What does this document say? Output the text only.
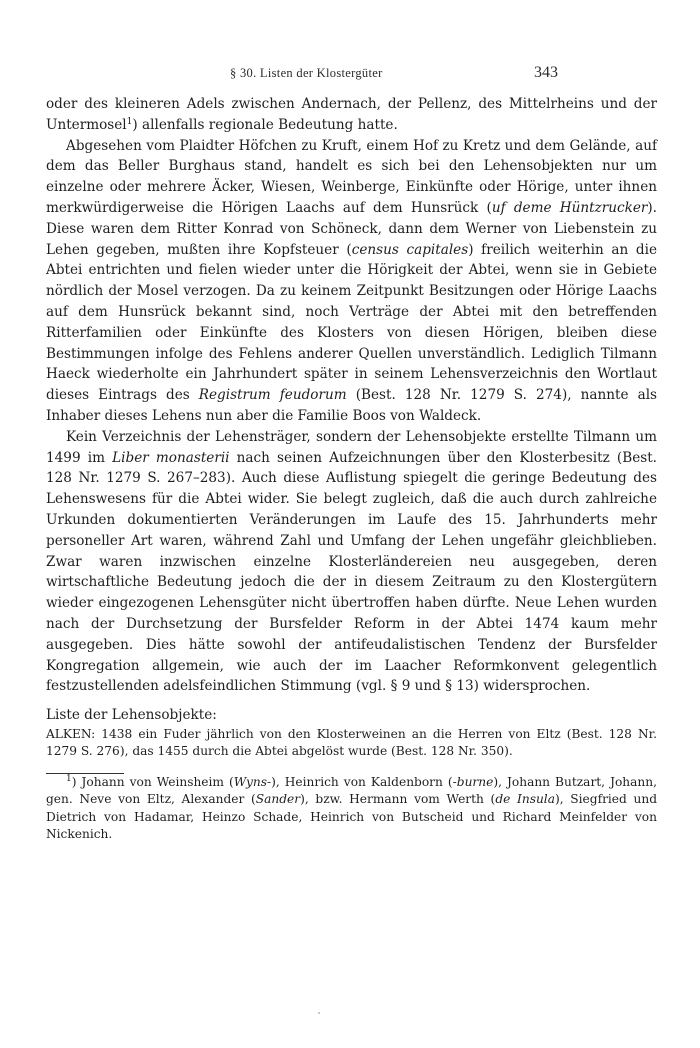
§ 30. Listen der Klostergüter	343

oder des kleineren Adels zwischen Andernach, der Pellenz, des Mittelrheins und der Untermosel$^1$) allenfalls regionale Bedeutung hatte.

Abgesehen vom Plaidter Höfchen zu Kruft, einem Hof zu Kretz und dem Gelände, auf dem das Beller Burghaus stand, handelt es sich bei den Lehensobjekten nur um einzelne oder mehrere Äcker, Wiesen, Weinberge, Einkünfte oder Hörige, unter ihnen merkwürdigerweise die Hörigen Laachs auf dem Hunsrück (uf deme Hüntzrucker). Diese waren dem Ritter Konrad von Schöneck, dann dem Werner von Liebenstein zu Lehen gegeben, mußten ihre Kopfsteuer (census capitales) freilich weiterhin an die Abtei entrichten und fielen wieder unter die Hörigkeit der Abtei, wenn sie in Gebiete nördlich der Mosel verzogen. Da zu keinem Zeitpunkt Besitzungen oder Hörige Laachs auf dem Hunsrück bekannt sind, noch Verträge der Abtei mit den betreffenden Ritterfamilien oder Einkünfte des Klosters von diesen Hörigen, bleiben diese Bestimmungen infolge des Fehlens anderer Quellen unverständlich. Lediglich Tilmann Haeck wiederholte ein Jahrhundert später in seinem Lehensverzeichnis den Wortlaut dieses Eintrags des Registrum feudorum (Best. 128 Nr. 1279 S. 274), nannte als Inhaber dieses Lehens nun aber die Familie Boos von Waldeck.

Kein Verzeichnis der Lehensträger, sondern der Lehensobjekte erstellte Tilmann um 1499 im Liber monasterii nach seinen Aufzeichnungen über den Klosterbesitz (Best. 128 Nr. 1279 S. 267–283). Auch diese Auflistung spiegelt die geringe Bedeutung des Lehenswesens für die Abtei wider. Sie belegt zugleich, daß die auch durch zahlreiche Urkunden dokumentierten Veränderungen im Laufe des 15. Jahrhunderts mehr personeller Art waren, während Zahl und Umfang der Lehen ungefähr gleichblieben. Zwar waren inzwischen einzelne Klosterländereien neu ausgegeben, deren wirtschaftliche Bedeutung jedoch die der in diesem Zeitraum zu den Klostergütern wieder eingezogenen Lehensgüter nicht übertroffen haben dürfte. Neue Lehen wurden nach der Durchsetzung der Bursfelder Reform in der Abtei 1474 kaum mehr ausgegeben. Dies hätte sowohl der antifeudalistischen Tendenz der Bursfelder Kongregation allgemein, wie auch der im Laacher Reformkonvent gelegentlich festzustellenden adelsfeindlichen Stimmung (vgl. § 9 und § 13) widersprochen.

Liste der Lehensobjekte:

ALKEN: 1438 ein Fuder jährlich von den Klosterweinen an die Herren von Eltz (Best. 128 Nr. 1279 S. 276), das 1455 durch die Abtei abgelöst wurde (Best. 128 Nr. 350).

$^1$) Johann von Weinsheim (Wyns-), Heinrich von Kaldenborn (-burne), Johann Butzart, Johann, gen. Neve von Eltz, Alexander (Sander), bzw. Hermann vom Werth (de Insula), Siegfried und Dietrich von Hadamar, Heinzo Schade, Heinrich von Butscheid und Richard Meinfelder von Nickenich.
